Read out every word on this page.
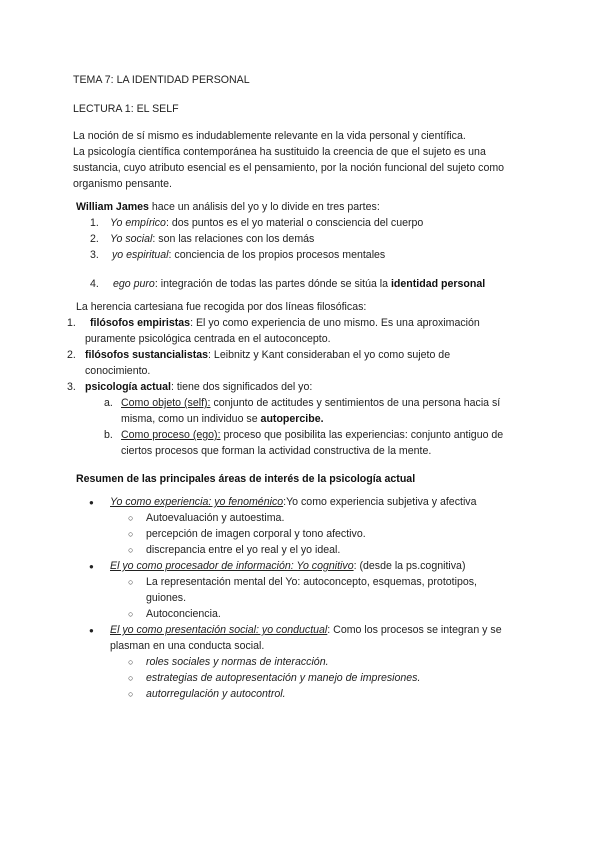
TEMA 7: LA IDENTIDAD PERSONAL
LECTURA 1: EL SELF
La noción de sí mismo es indudablemente relevante en la vida personal y científica.
La psicología científica contemporánea ha sustituido la creencia de que el sujeto es una
sustancia, cuyo atributo esencial es el pensamiento, por la noción funcional del sujeto como
organismo pensante.
William James hace un análisis del yo y lo divide en tres partes:
1. Yo empírico: dos puntos es el yo material o consciencia del cuerpo
2. Yo social: son las relaciones con los demás
3. yo espiritual: conciencia de los propios procesos mentales
4. ego puro: integración de todas las partes dónde se sitúa la identidad personal
La herencia cartesiana fue recogida por dos líneas filosóficas:
1. filósofos empiristas: El yo como experiencia de uno mismo. Es una aproximación
puramente psicológica centrada en el autoconcepto.
2. filósofos sustancialistas: Leibnitz y Kant consideraban el yo como sujeto de
conocimiento.
3. psicología actual: tiene dos significados del yo:
a. Como objeto (self): conjunto de actitudes y sentimientos de una persona hacia sí
misma, como un individuo se autopercibe.
b. Como proceso (ego): proceso que posibilita las experiencias: conjunto antiguo de
ciertos procesos que forman la actividad constructiva de la mente.
Resumen de las principales áreas de interés de la psicología actual
● Yo como experiencia: yo fenoménico:Yo como experiencia subjetiva y afectiva
○ Autoevaluación y autoestima.
○ percepción de imagen corporal y tono afectivo.
○ discrepancia entre el yo real y el yo ideal.
● El yo como procesador de información: Yo cognitivo: (desde la ps.cognitiva)
○ La representación mental del Yo: autoconcepto, esquemas, prototipos,
guiones.
○ Autoconciencia.
● El yo como presentación social: yo conductual: Como los procesos se integran y se
plasman en una conducta social.
○ roles sociales y normas de interacción.
○ estrategias de autopresentación y manejo de impresiones.
○ autorregulación y autocontrol.
